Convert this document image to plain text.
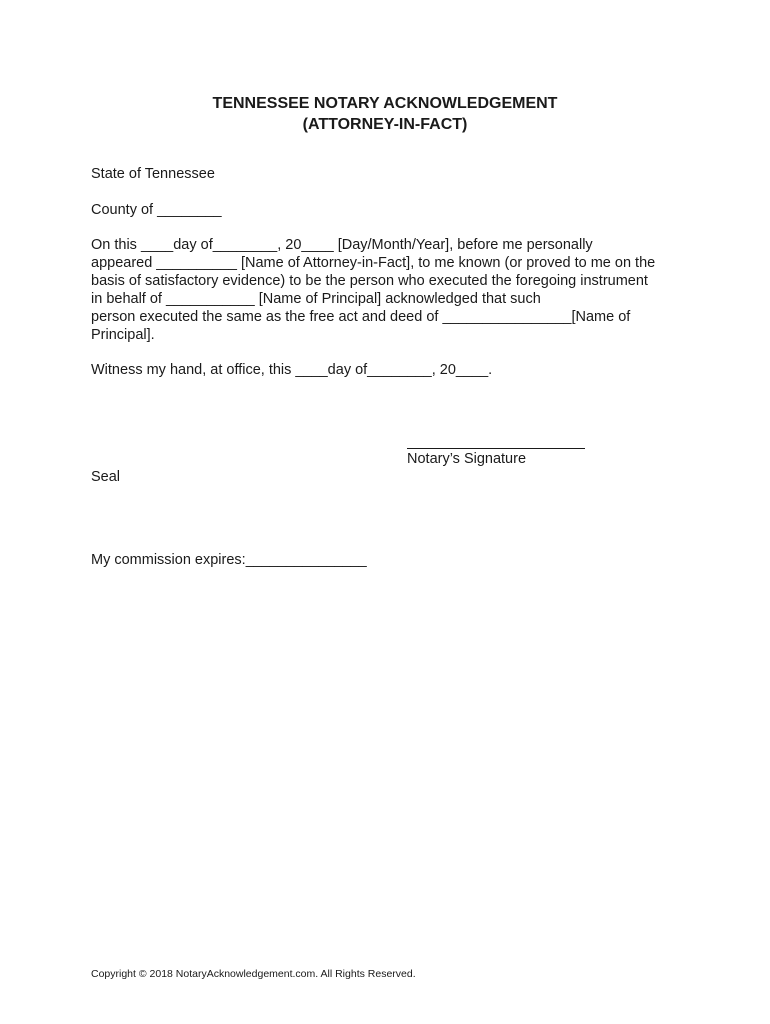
TENNESSEE NOTARY ACKNOWLEDGEMENT
(ATTORNEY-IN-FACT)

State of Tennessee

County of ________

On this ____day of________, 20____ [Day/Month/Year], before me personally

appeared __________ [Name of Attorney-in-Fact], to me known (or proved to me on the

basis of satisfactory evidence) to be the person who executed the foregoing instrument

in behalf of ___________ [Name of Principal] acknowledged that such

person executed the same as the free act and deed of ________________[Name of

Principal].

Witness my hand, at office, this ____day of________, 20____.

Notary’s Signature

Seal

My commission expires:_______________

Copyright © 2018 NotaryAcknowledgement.com. All Rights Reserved.
